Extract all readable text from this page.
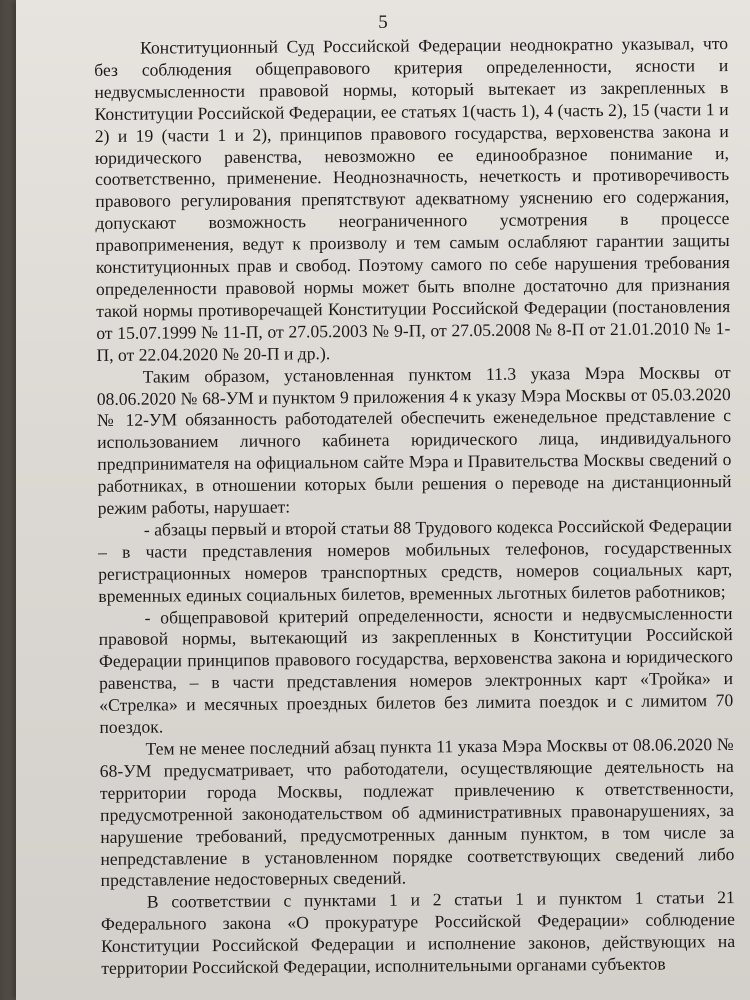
5

Конституционный Суд Российской Федерации неоднократно указывал, что без соблюдения общеправового критерия определенности, ясности и недвусмысленности правовой нормы, который вытекает из закрепленных в Конституции Российской Федерации, ее статьях 1(часть 1), 4 (часть 2), 15 (части 1 и 2) и 19 (части 1 и 2), принципов правового государства, верховенства закона и юридического равенства, невозможно ее единообразное понимание и, соответственно, применение. Неоднозначность, нечеткость и противоречивость правового регулирования препятствуют адекватному уяснению его содержания, допускают возможность неограниченного усмотрения в процессе правоприменения, ведут к произволу и тем самым ослабляют гарантии защиты конституционных прав и свобод. Поэтому самого по себе нарушения требования определенности правовой нормы может быть вполне достаточно для признания такой нормы противоречащей Конституции Российской Федерации (постановления от 15.07.1999 № 11-П, от 27.05.2003 № 9-П, от 27.05.2008 № 8-П от 21.01.2010 № 1-П, от 22.04.2020 № 20-П и др.).

Таким образом, установленная пунктом 11.3 указа Мэра Москвы от 08.06.2020 № 68-УМ и пунктом 9 приложения 4 к указу Мэра Москвы от 05.03.2020 № 12-УМ обязанность работодателей обеспечить еженедельное представление с использованием личного кабинета юридического лица, индивидуального предпринимателя на официальном сайте Мэра и Правительства Москвы сведений о работниках, в отношении которых были решения о переводе на дистанционный режим работы, нарушает:

- абзацы первый и второй статьи 88 Трудового кодекса Российской Федерации – в части представления номеров мобильных телефонов, государственных регистрационных номеров транспортных средств, номеров социальных карт, временных единых социальных билетов, временных льготных билетов работников;

- общеправовой критерий определенности, ясности и недвусмысленности правовой нормы, вытекающий из закрепленных в Конституции Российской Федерации принципов правового государства, верховенства закона и юридического равенства, – в части представления номеров электронных карт «Тройка» и «Стрелка» и месячных проездных билетов без лимита поездок и с лимитом 70 поездок.

Тем не менее последний абзац пункта 11 указа Мэра Москвы от 08.06.2020 № 68-УМ предусматривает, что работодатели, осуществляющие деятельность на территории города Москвы, подлежат привлечению к ответственности, предусмотренной законодательством об административных правонарушениях, за нарушение требований, предусмотренных данным пунктом, в том числе за непредставление в установленном порядке соответствующих сведений либо представление недостоверных сведений.

В соответствии с пунктами 1 и 2 статьи 1 и пунктом 1 статьи 21 Федерального закона «О прокуратуре Российской Федерации» соблюдение Конституции Российской Федерации и исполнение законов, действующих на территории Российской Федерации, исполнительными органами субъектов
